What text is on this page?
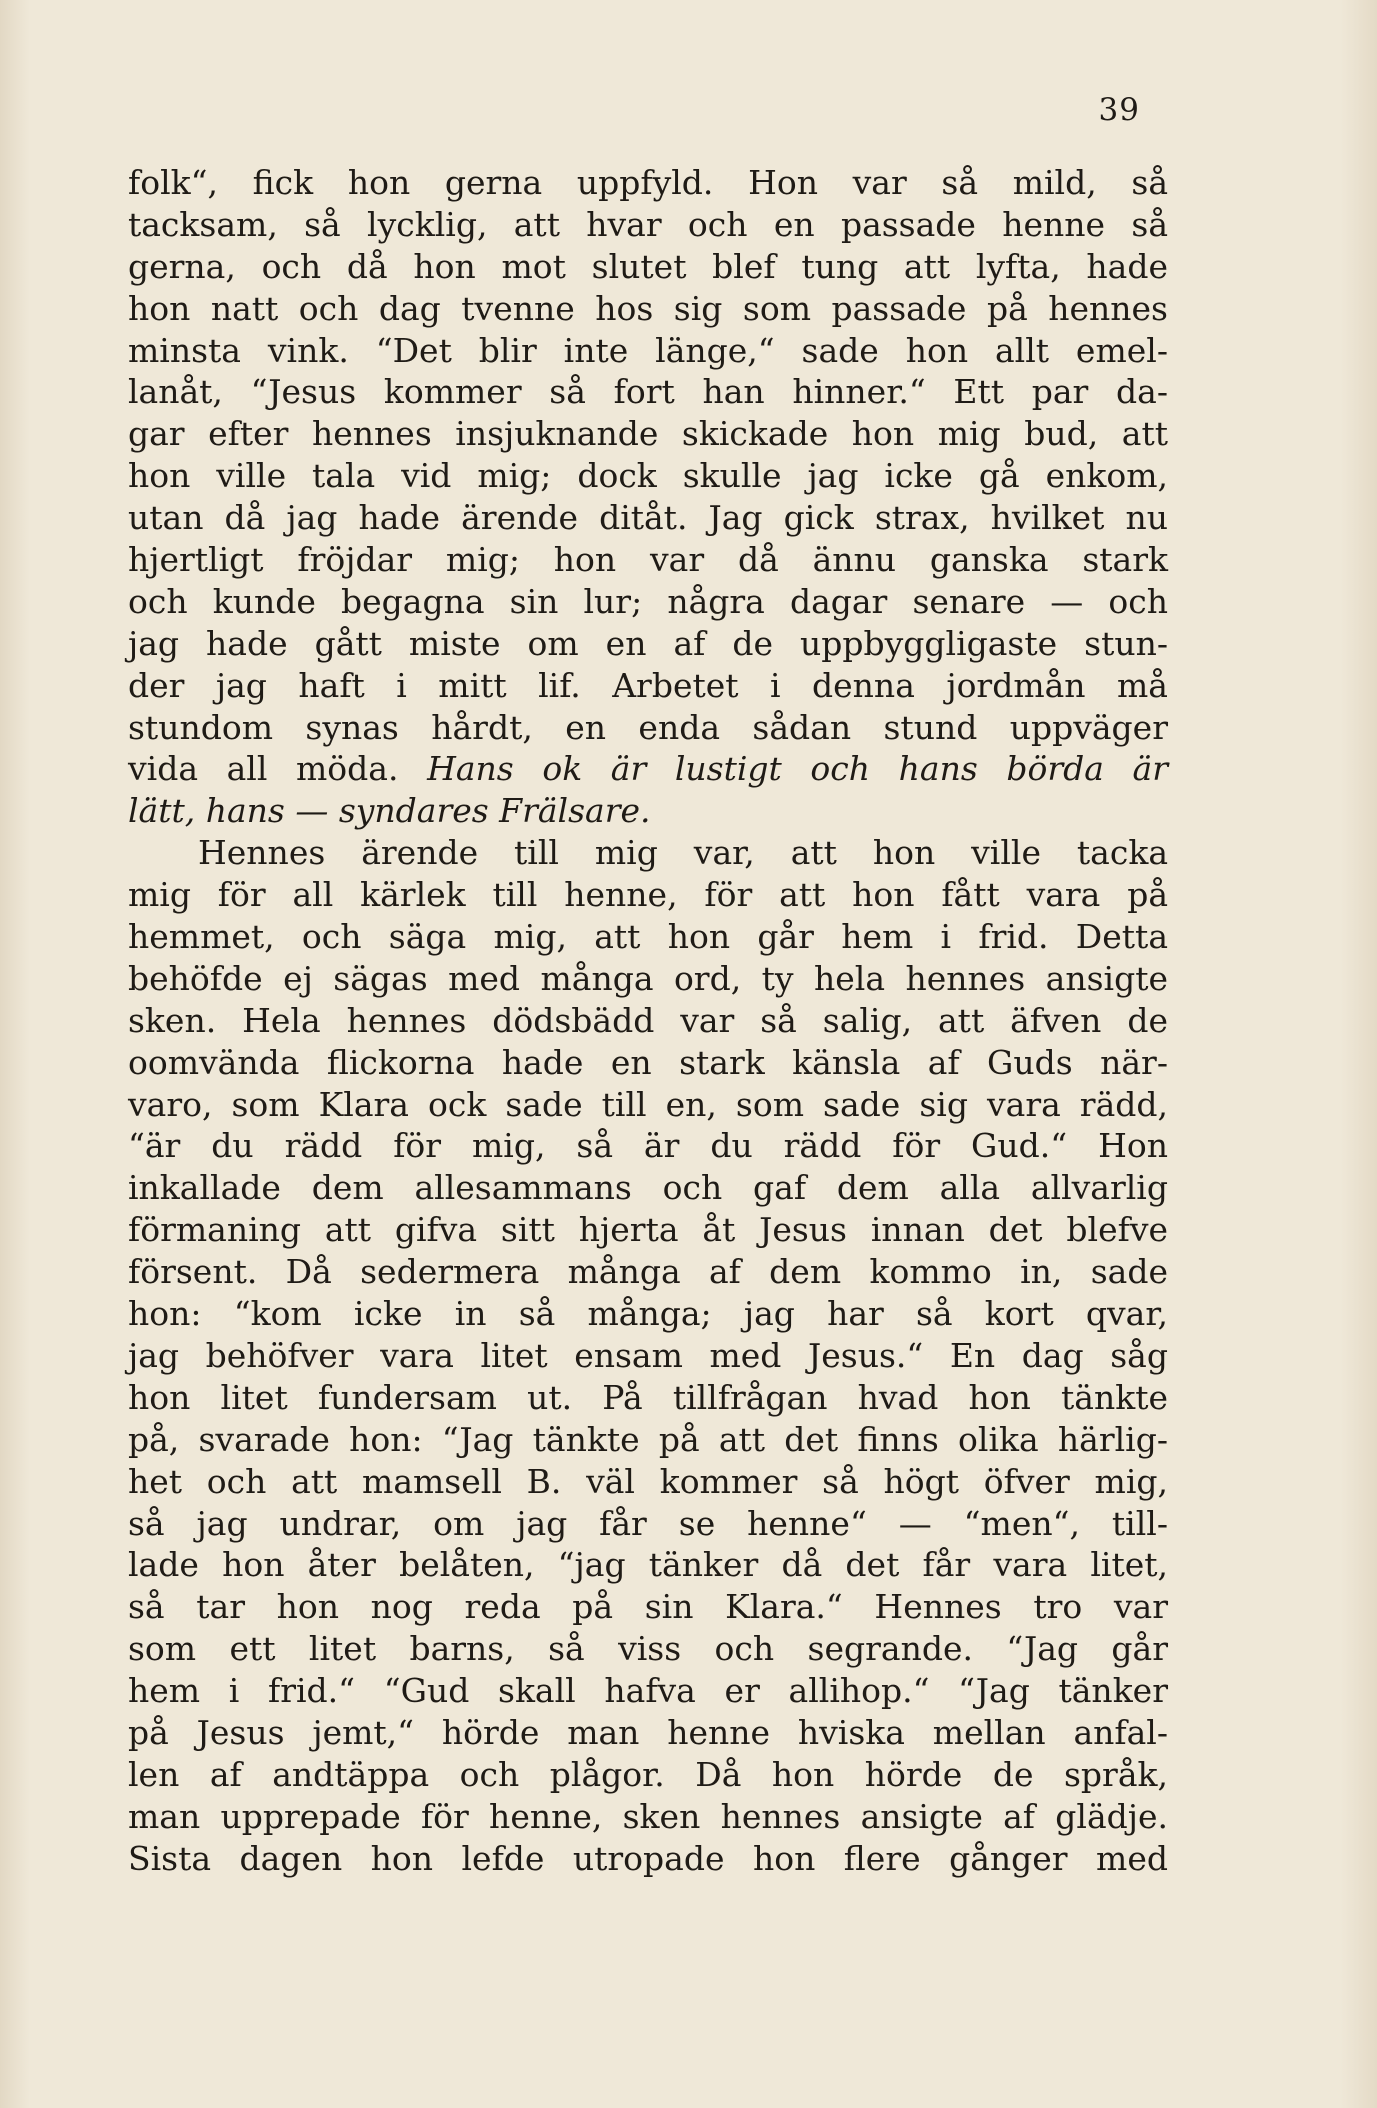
39
folk“, fick hon gerna uppfyld. Hon var så mild, så
tacksam, så lycklig, att hvar och en passade henne så
gerna, och då hon mot slutet blef tung att lyfta, hade
hon natt och dag tvenne hos sig som passade på hennes
minsta vink. “Det blir inte länge,“ sade hon allt emel-
lanåt, “Jesus kommer så fort han hinner.“ Ett par da-
gar efter hennes insjuknande skickade hon mig bud, att
hon ville tala vid mig; dock skulle jag icke gå enkom,
utan då jag hade ärende ditåt. Jag gick strax, hvilket nu
hjertligt fröjdar mig; hon var då ännu ganska stark
och kunde begagna sin lur; några dagar senare — och
jag hade gått miste om en af de uppbyggligaste stun-
der jag haft i mitt lif. Arbetet i denna jordmån må
stundom synas hårdt, en enda sådan stund uppväger
vida all möda. Hans ok är lustigt och hans börda är
lätt, hans — syndares Frälsare.
Hennes ärende till mig var, att hon ville tacka
mig för all kärlek till henne, för att hon fått vara på
hemmet, och säga mig, att hon går hem i frid. Detta
behöfde ej sägas med många ord, ty hela hennes ansigte
sken. Hela hennes dödsbädd var så salig, att äfven de
oomvända flickorna hade en stark känsla af Guds när-
varo, som Klara ock sade till en, som sade sig vara rädd,
“är du rädd för mig, så är du rädd för Gud.“ Hon
inkallade dem allesammans och gaf dem alla allvarlig
förmaning att gifva sitt hjerta åt Jesus innan det blefve
försent. Då sedermera många af dem kommo in, sade
hon: “kom icke in så många; jag har så kort qvar,
jag behöfver vara litet ensam med Jesus.“ En dag såg
hon litet fundersam ut. På tillfrågan hvad hon tänkte
på, svarade hon: “Jag tänkte på att det finns olika härlig-
het och att mamsell B. väl kommer så högt öfver mig,
så jag undrar, om jag får se henne“ — “men“, till-
lade hon åter belåten, “jag tänker då det får vara litet,
så tar hon nog reda på sin Klara.“ Hennes tro var
som ett litet barns, så viss och segrande. “Jag går
hem i frid.“ “Gud skall hafva er allihop.“ “Jag tänker
på Jesus jemt,“ hörde man henne hviska mellan anfal-
len af andtäppa och plågor. Då hon hörde de språk,
man upprepade för henne, sken hennes ansigte af glädje.
Sista dagen hon lefde utropade hon flere gånger med
